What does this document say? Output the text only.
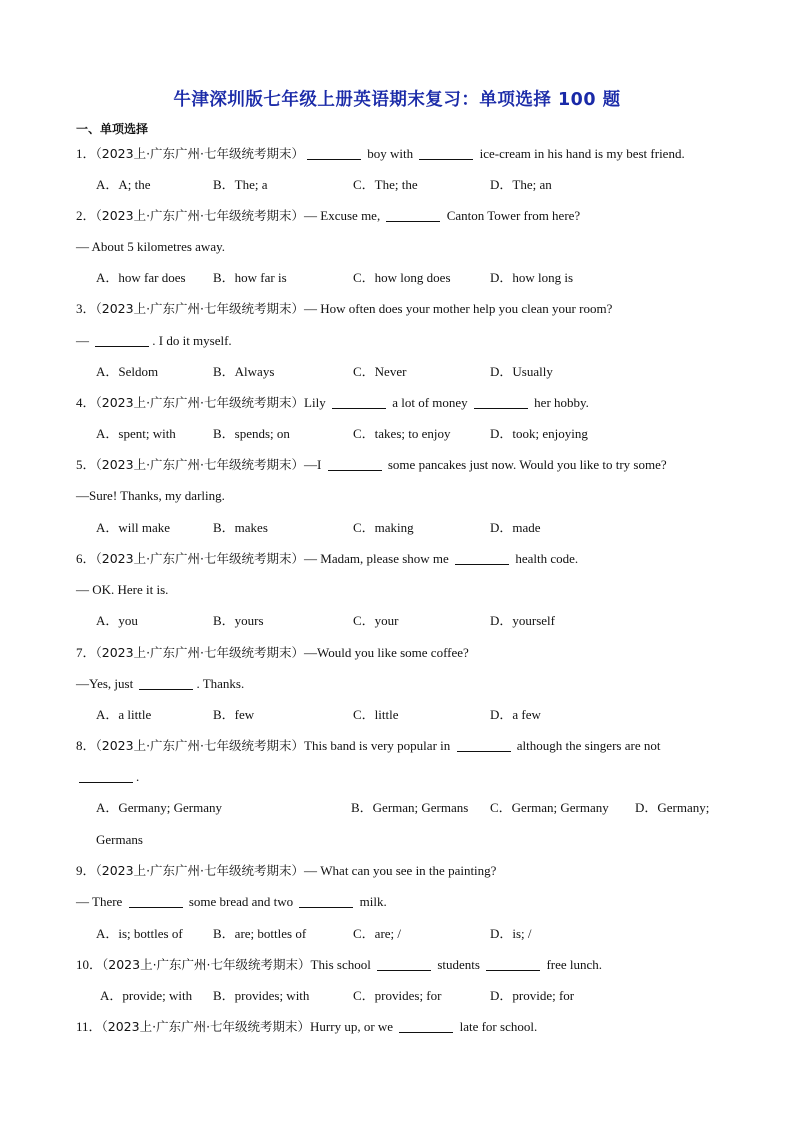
牛津深圳版七年级上册英语期末复习：单项选择 100 题
一、单项选择
1．（2023上·广东广州·七年级统考期末）	boy with	ice-cream in his hand is my best friend.
A．A; the	B．The; a	C．The; the	D．The; an
2．（2023上·广东广州·七年级统考期末）— Excuse me,	Canton Tower from here?
— About 5 kilometres away.
A．how far does B．how far is	C．how long does	D．how long is
3．（2023上·广东广州·七年级统考期末）— How often does your mother help you clean your room?
—	. I do it myself.
A．Seldom	B．Always	C．Never	D．Usually
4．（2023上·广东广州·七年级统考期末）Lily	a lot of money	her hobby.
A．spent; with	B．spends; on	C．takes; to enjoy	D．took; enjoying
5．（2023上·广东广州·七年级统考期末）—I	some pancakes just now. Would you like to try some?
—Sure! Thanks, my darling.
A．will make	B．makes	C．making	D．made
6．（2023上·广东广州·七年级统考期末）— Madam, please show me	health code.
— OK. Here it is.
A．you	B．yours	C．your	D．yourself
7．（2023上·广东广州·七年级统考期末）—Would you like some coffee?
—Yes, just	. Thanks.
A．a little	B．few	C．little	D．a few
8．（2023上·广东广州·七年级统考期末）This band is very popular in	although the singers are not
.
A．Germany; Germany	B．German; Germans C．German; Germany D．Germany;
Germans
9．（2023上·广东广州·七年级统考期末）— What can you see in the painting?
— There	some bread and two	milk.
A．is; bottles of B．are; bottles of	C．are; /	D．is; /
10．（2023上·广东广州·七年级统考期末）This school	students	free lunch.
A．provide; with B．provides; with	C．provides; for	D．provide; for
11．（2023上·广东广州·七年级统考期末）Hurry up, or we	late for school.
